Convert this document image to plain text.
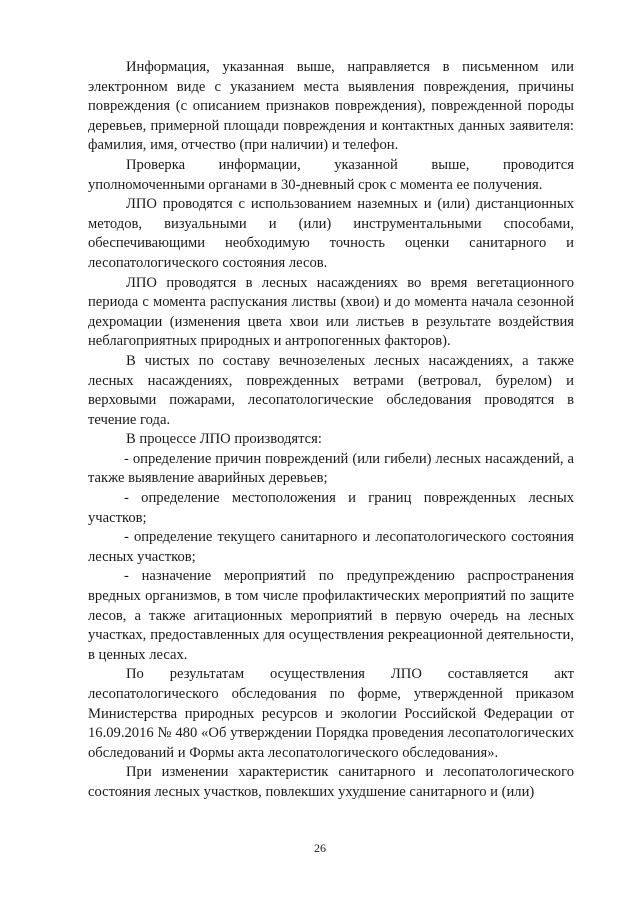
Информация, указанная выше, направляется в письменном или электронном виде с указанием места выявления повреждения, причины повреждения (с описанием признаков повреждения), поврежденной породы деревьев, примерной площади повреждения и контактных данных заявителя: фамилия, имя, отчество (при наличии) и телефон.

Проверка информации, указанной выше, проводится уполномоченными органами в 30-дневный срок с момента ее получения.

ЛПО проводятся с использованием наземных и (или) дистанционных методов, визуальными и (или) инструментальными способами, обеспечивающими необходимую точность оценки санитарного и лесопатологического состояния лесов.

ЛПО проводятся в лесных насаждениях во время вегетационного периода с момента распускания листвы (хвои) и до момента начала сезонной дехромации (изменения цвета хвои или листьев в результате воздействия неблагоприятных природных и антропогенных факторов).

В чистых по составу вечнозеленых лесных насаждениях, а также лесных насаждениях, поврежденных ветрами (ветровал, бурелом) и верховыми пожарами, лесопатологические обследования проводятся в течение года.

В процессе ЛПО производятся:

- определение причин повреждений (или гибели) лесных насаждений, а также выявление аварийных деревьев;

- определение местоположения и границ поврежденных лесных участков;

- определение текущего санитарного и лесопатологического состояния лесных участков;

- назначение мероприятий по предупреждению распространения вредных организмов, в том числе профилактических мероприятий по защите лесов, а также агитационных мероприятий в первую очередь на лесных участках, предоставленных для осуществления рекреационной деятельности, в ценных лесах.

По результатам осуществления ЛПО составляется акт лесопатологического обследования по форме, утвержденной приказом Министерства природных ресурсов и экологии Российской Федерации от 16.09.2016 № 480 «Об утверждении Порядка проведения лесопатологических обследований и Формы акта лесопатологического обследования».

При изменении характеристик санитарного и лесопатологического состояния лесных участков, повлекших ухудшение санитарного и (или)

26
